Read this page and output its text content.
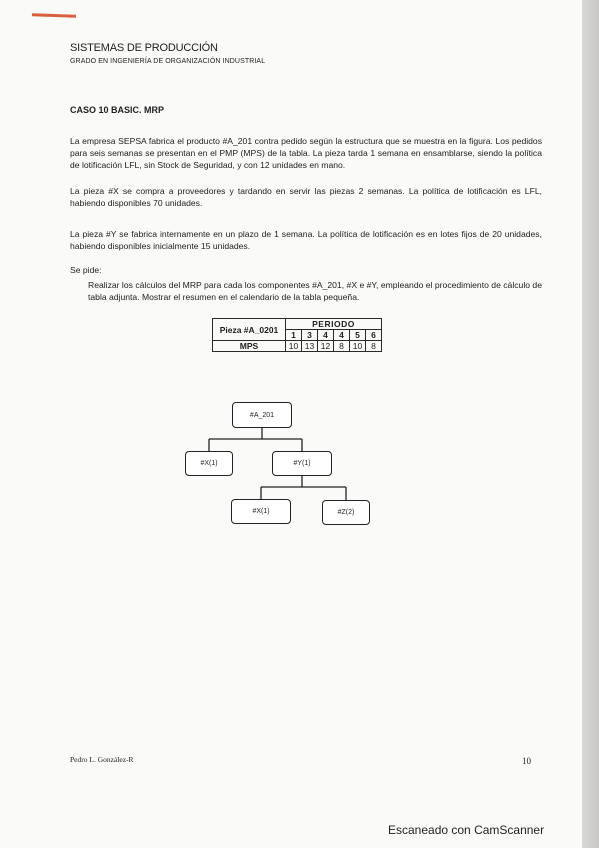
SISTEMAS DE PRODUCCIÓN
GRADO EN INGENIERÍA DE ORGANIZACIÓN INDUSTRIAL
CASO 10 BASIC. MRP

La empresa SEPSA fabrica el producto #A_201 contra pedido según la estructura que se muestra en la figura. Los pedidos para seis semanas se presentan en el PMP (MPS) de la tabla. La pieza tarda 1 semana en ensamblarse, siendo la política de lotificación LFL, sin Stock de Seguridad, y con 12 unidades en mano.

La pieza #X se compra a proveedores y tardando en servir las piezas 2 semanas. La política de lotificación es LFL, habiendo disponibles 70 unidades.

La pieza #Y se fabrica internamente en un plazo de 1 semana. La política de lotificación es en lotes fijos de 20 unidades, habiendo disponibles inicialmente 15 unidades.

Se pide:

Realizar los cálculos del MRP para cada los componentes #A_201, #X e #Y, empleando el procedimiento de cálculo de tabla adjunta. Mostrar el resumen en el calendario de la tabla pequeña.

Pieza #A_0201	PERIODO					
	1	3	4	4	5	6
MPS	10	13	12	8	10	8
#A_201
#X(1)	#Y(1)
#X(1)	#Z(2)
Pedro L. González-R	10
Escaneado con CamScanner
